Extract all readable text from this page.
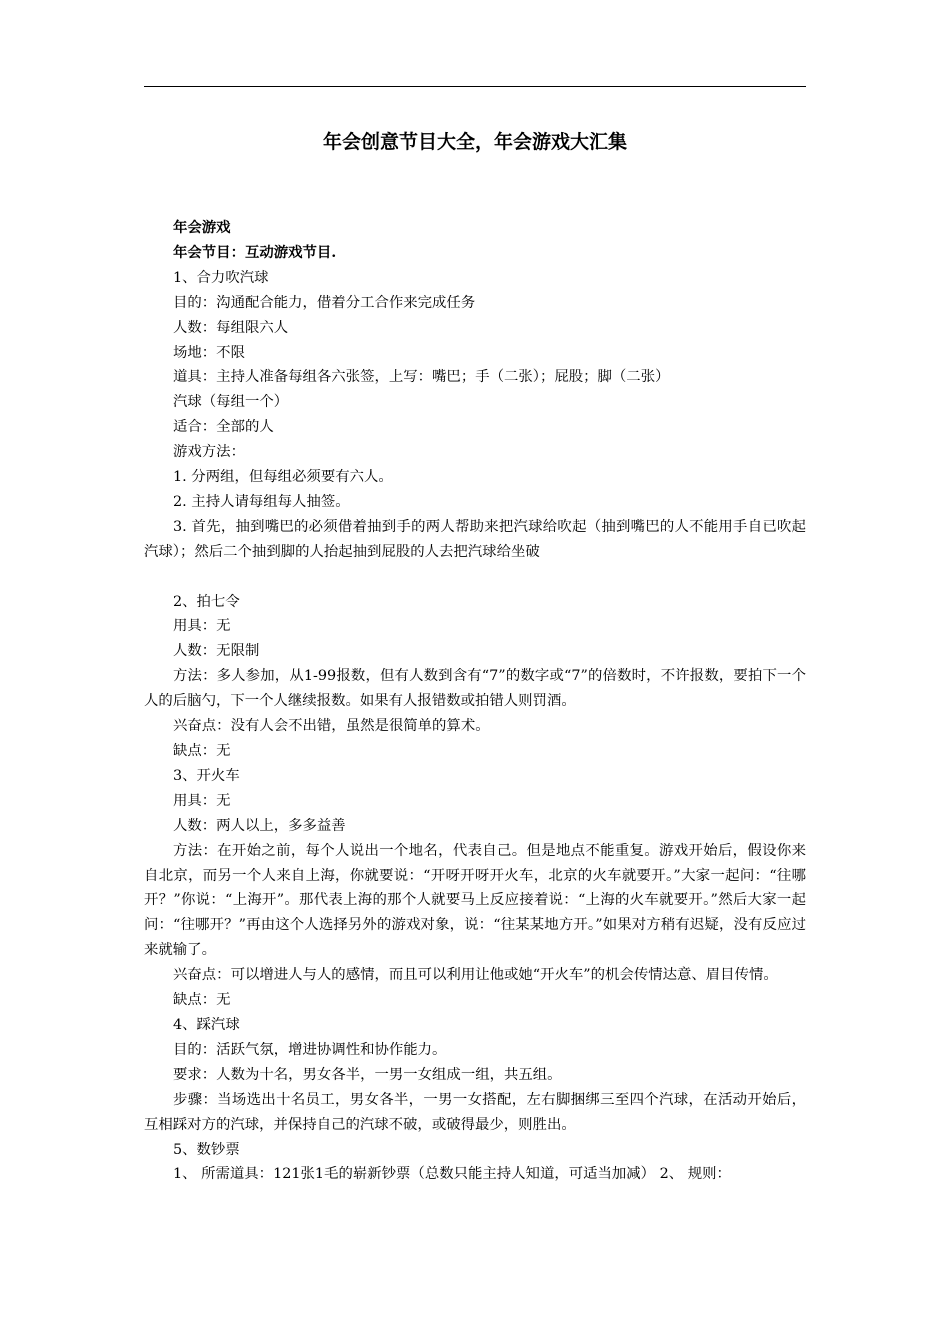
年会创意节目大全，年会游戏大汇集

年会游戏

年会节目：互动游戏节目.

1、合力吹汽球

目的：沟通配合能力，借着分工合作来完成任务

人数：每组限六人

场地：不限

道具：主持人准备每组各六张签，上写：嘴巴；手（二张）；屁股；脚（二张）

汽球（每组一个）

适合：全部的人

游戏方法：

1. 分两组，但每组必须要有六人。

2. 主持人请每组每人抽签。

3. 首先，抽到嘴巴的必须借着抽到手的两人帮助来把汽球给吹起（抽到嘴巴的人不能用手自已吹起汽球）；然后二个抽到脚的人抬起抽到屁股的人去把汽球给坐破

2、拍七令

用具：无

人数：无限制

方法：多人参加，从1-99报数，但有人数到含有“7”的数字或“7”的倍数时，不许报数，要拍下一个人的后脑勺，下一个人继续报数。如果有人报错数或拍错人则罚酒。

兴奋点：没有人会不出错，虽然是很简单的算术。

缺点：无

3、开火车

用具：无

人数：两人以上，多多益善

方法：在开始之前，每个人说出一个地名，代表自己。但是地点不能重复。游戏开始后，假设你来自北京，而另一个人来自上海，你就要说：“开呀开呀开火车，北京的火车就要开。”大家一起问：“往哪开？”你说：“上海开”。那代表上海的那个人就要马上反应接着说：“上海的火车就要开。”然后大家一起问：“往哪开？”再由这个人选择另外的游戏对象，说：“往某某地方开。”如果对方稍有迟疑，没有反应过来就输了。

兴奋点：可以增进人与人的感情，而且可以利用让他或她“开火车”的机会传情达意、眉目传情。

缺点：无

4、踩汽球

目的：活跃气氛，增进协调性和协作能力。

要求：人数为十名，男女各半，一男一女组成一组，共五组。

步骤：当场选出十名员工，男女各半，一男一女搭配，左右脚捆绑三至四个汽球，在活动开始后，互相踩对方的汽球，并保持自己的汽球不破，或破得最少，则胜出。

5、数钞票

1、 所需道具：121张1毛的崭新钞票（总数只能主持人知道，可适当加减） 2、 规则：
